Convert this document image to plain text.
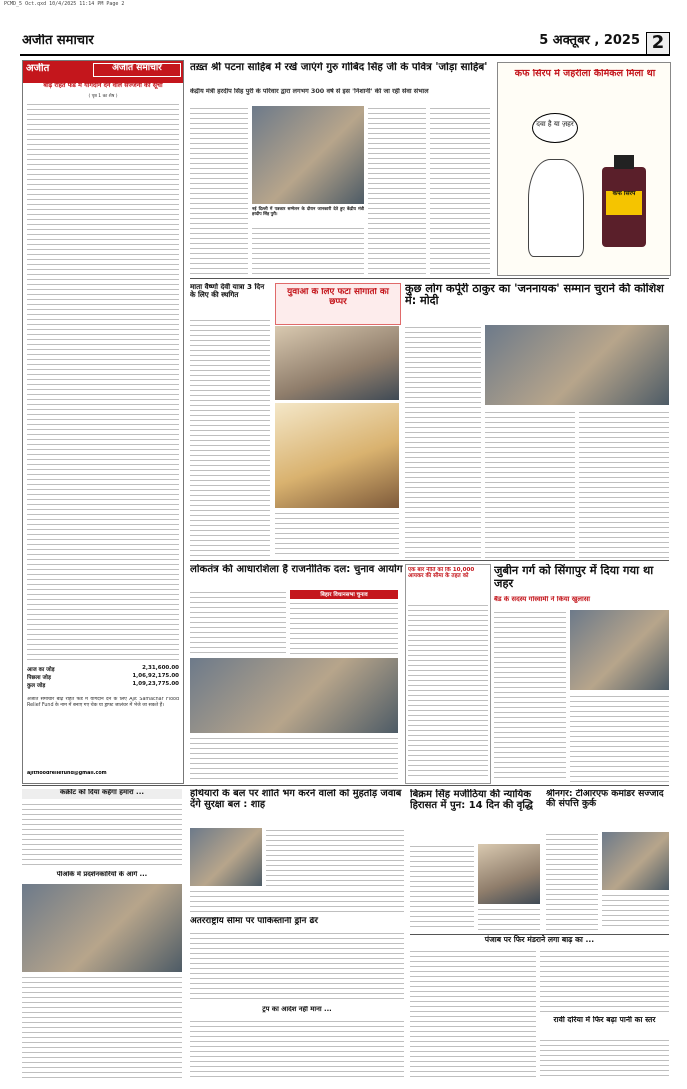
PCMD_5 Oct.qxd 10/4/2025 11:14 PM Page 2
अजीत समाचार	5 अक्तूबर , 2025 2
अजीत	अजीत समाचार
बाढ़ राहत फंड में योगदान देने वाले सज्जनों की सूची
( पृष्ठ 1 का शेष )
आज का जोड़	2,31,600.00
पिछला जोड़	1,06,92,175.00
कुल जोड़	1,09,23,775.00
अजीत समाचार बाढ़ राहत फंड में योगदान देने के लिए Ajit Samachar Flood Relief Fund के नाम में बनाए गए चेक या ड्राफ्ट जालंधर में भेजे जा सकते हैं।
ajitfloodreliefund@gmail.com
तख़्त श्री पटना साहिब में रखे जाएंगे गुरु गोबिंद सिंह जी के पवित्र 'जोड़ा साहिब'
केंद्रीय मंत्री हरदीप सिंह पुरी के परिवार द्वारा लगभग 300 वर्ष से इस 'निशानी' की जा रही सेवा संभाल
नई दिल्ली में पत्रकार सम्मेलन के दौरान जानकारी देते हुए केंद्रीय मंत्री हरदीप सिंह पुरी।
कफ सिरप में जहरीला कैमिकल मिला था
दवा है या ज़हर
कफ सिरप
माता वैष्णो देवी यात्रा 3 दिन के लिए की स्थगित	युवाओं के लिए फटा सौगातों का छप्पर
कुछ लोग कर्पूरी ठाकुर का 'जननायक' सम्मान चुराने की कोशिश में: मोदी
लोकतंत्र की आधारशिला हैं राजनीतिक दल: चुनाव आयोग
बिहार विधानसभा चुनाव
एक बार नीति को कि 10,000 आयकर की सीमा के तहत को	जुबीन गर्ग को सिंगापुर में दिया गया था जहर
बैंड के सदस्य गोस्वामी ने किया खुलासा
कंक्रीट को दिया कहेगा हमारा ...
पीओके में प्रदर्शनकारियों के आगे ...
हथियारों के बल पर शांति भंग करने वालों को मुंहतोड़ जवाब देंगे सुरक्षा बल : शाह
अंतरराष्ट्रीय सीमा पर पाकिस्तानी ड्रोन ढेर
ट्रंप का आदेश नहीं माना ...
बिक्रम सिंह मजीठिया की न्यायिक हिरासत में पुन: 14 दिन की वृद्धि
श्रीनगर: टीआरएफ कमांडर सज्जाद की संपत्ति कुर्क
पंजाब पर फिर मंडराने लगा बाढ़ का ...
रावी दरिया में फिर बढ़ा पानी का स्तर
